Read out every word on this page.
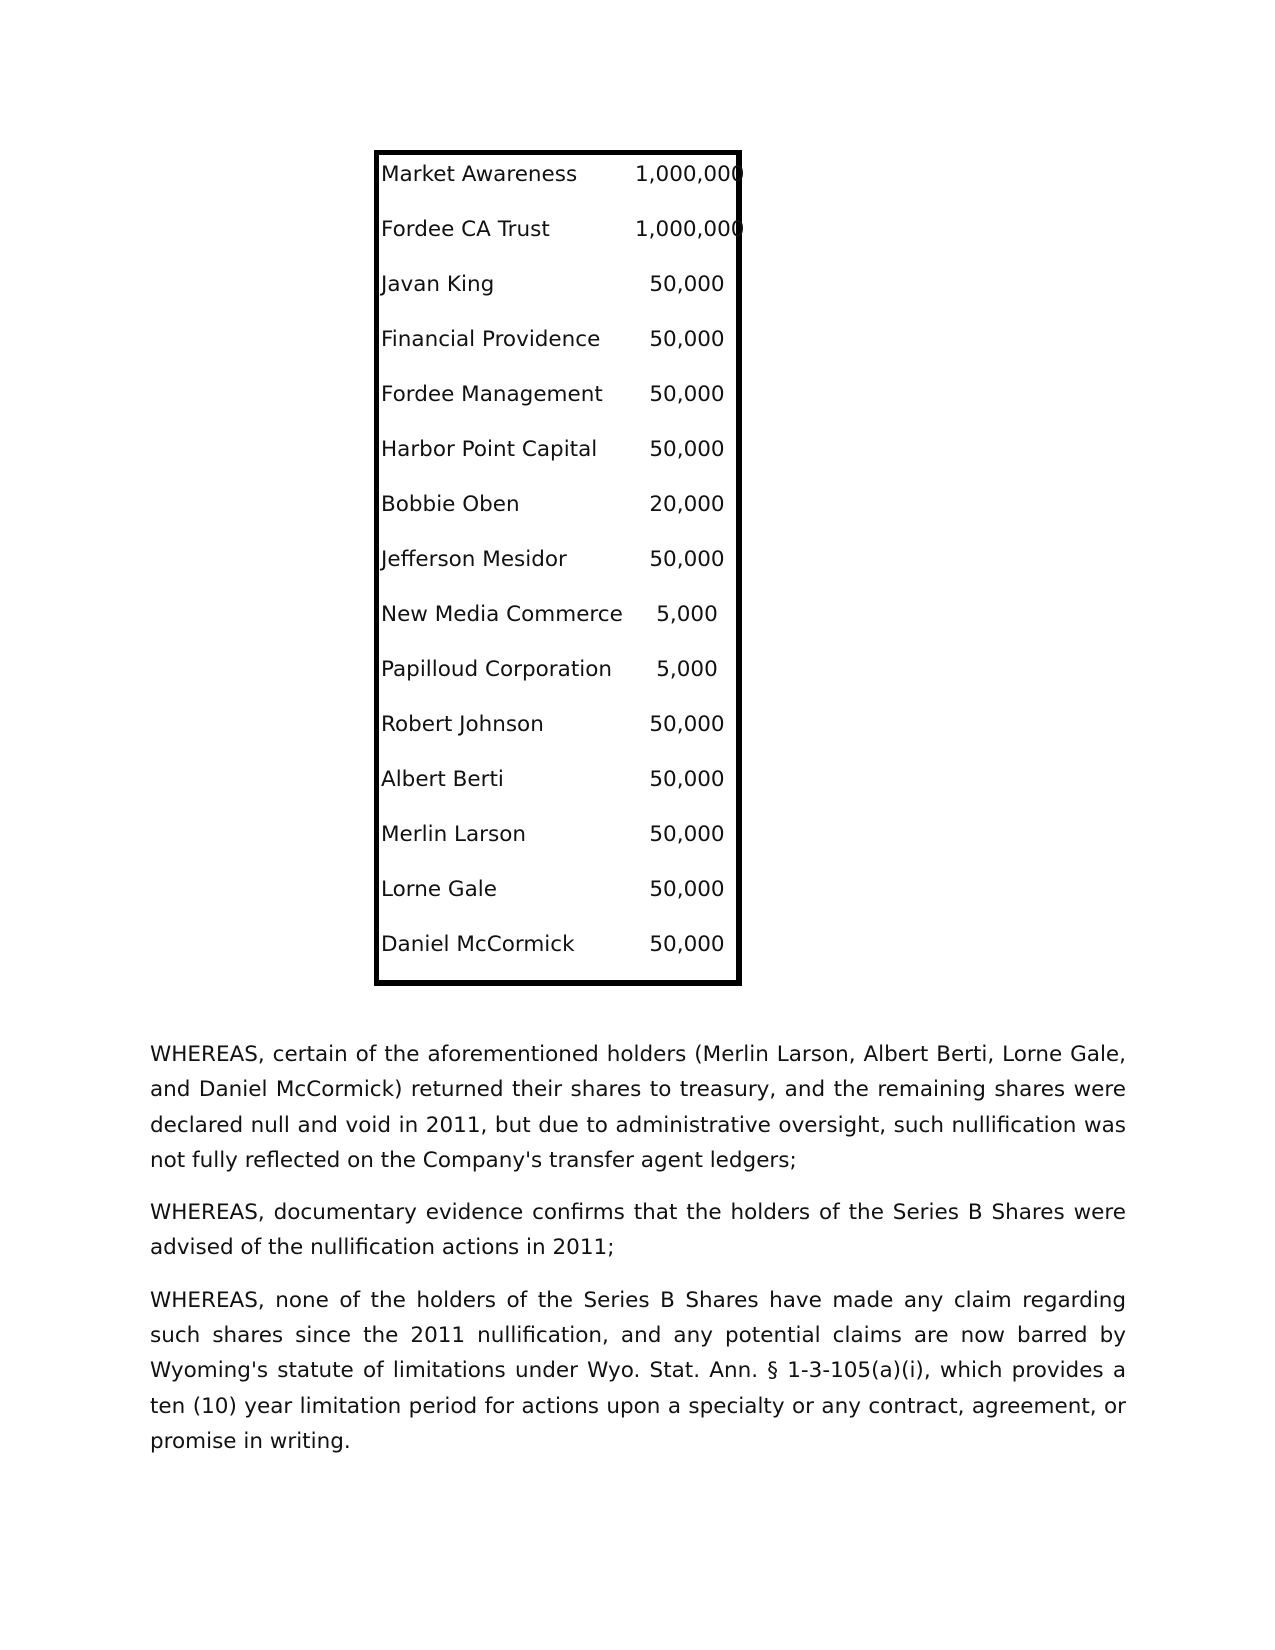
Market Awareness	1,000,000
Fordee CA Trust	1,000,000
Javan King	50,000
Financial Providence	50,000
Fordee Management	50,000
Harbor Point Capital	50,000
Bobbie Oben	20,000
Jefferson Mesidor	50,000
New Media Commerce	5,000
Papilloud Corporation	5,000
Robert Johnson	50,000
Albert Berti	50,000
Merlin Larson	50,000
Lorne Gale	50,000
Daniel McCormick	50,000

WHEREAS, certain of the aforementioned holders (Merlin Larson, Albert Berti, Lorne Gale, and Daniel McCormick) returned their shares to treasury, and the remaining shares were declared null and void in 2011, but due to administrative oversight, such nullification was not fully reflected on the Company's transfer agent ledgers;

WHEREAS, documentary evidence confirms that the holders of the Series B Shares were advised of the nullification actions in 2011;

WHEREAS, none of the holders of the Series B Shares have made any claim regarding such shares since the 2011 nullification, and any potential claims are now barred by Wyoming's statute of limitations under Wyo. Stat. Ann. § 1-3-105(a)(i), which provides a ten (10) year limitation period for actions upon a specialty or any contract, agreement, or promise in writing.
